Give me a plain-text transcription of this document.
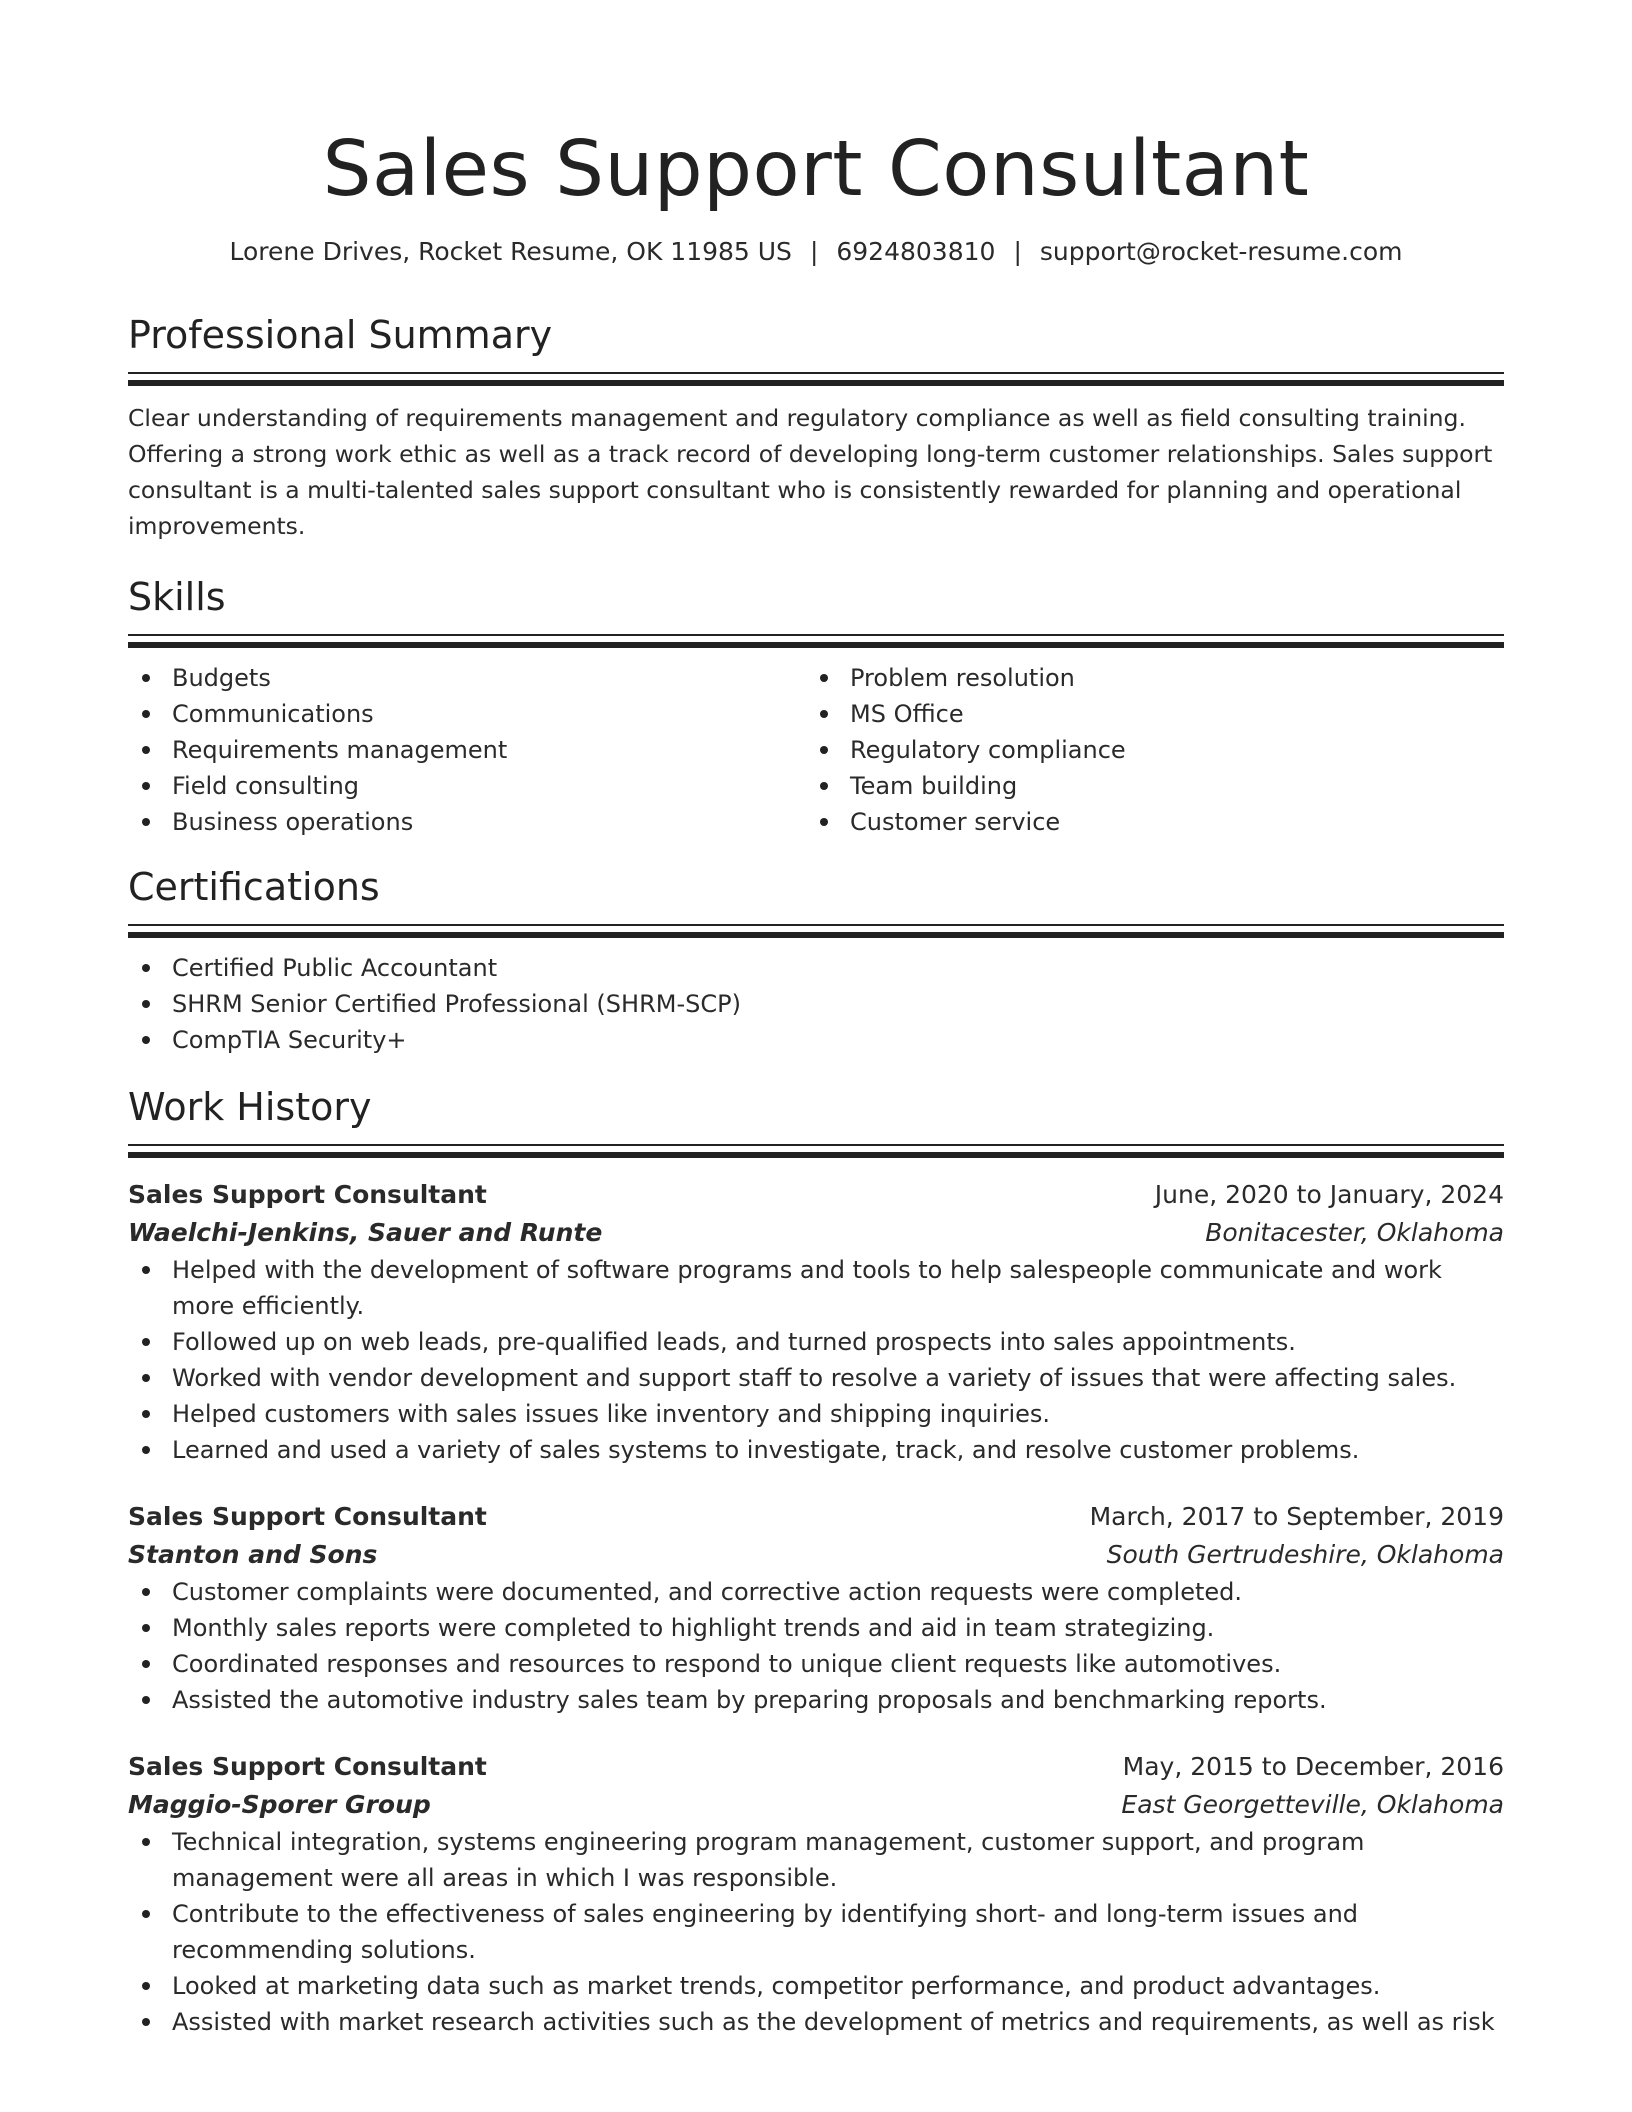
Sales Support Consultant
Lorene Drives, Rocket Resume, OK 11985 US | 6924803810 | support@rocket-resume.com
Professional Summary
Clear understanding of requirements management and regulatory compliance as well as field consulting training. Offering a strong work ethic as well as a track record of developing long-term customer relationships. Sales support consultant is a multi-talented sales support consultant who is consistently rewarded for planning and operational improvements.
Skills
Budgets
Communications
Requirements management
Field consulting
Business operations
Problem resolution
MS Office
Regulatory compliance
Team building
Customer service
Certifications
Certified Public Accountant
SHRM Senior Certified Professional (SHRM-SCP)
CompTIA Security+
Work History
Sales Support Consultant	June, 2020 to January, 2024
Waelchi-Jenkins, Sauer and Runte	Bonitacester, Oklahoma
Helped with the development of software programs and tools to help salespeople communicate and work more efficiently.
Followed up on web leads, pre-qualified leads, and turned prospects into sales appointments.
Worked with vendor development and support staff to resolve a variety of issues that were affecting sales.
Helped customers with sales issues like inventory and shipping inquiries.
Learned and used a variety of sales systems to investigate, track, and resolve customer problems.
Sales Support Consultant	March, 2017 to September, 2019
Stanton and Sons	South Gertrudeshire, Oklahoma
Customer complaints were documented, and corrective action requests were completed.
Monthly sales reports were completed to highlight trends and aid in team strategizing.
Coordinated responses and resources to respond to unique client requests like automotives.
Assisted the automotive industry sales team by preparing proposals and benchmarking reports.
Sales Support Consultant	May, 2015 to December, 2016
Maggio-Sporer Group	East Georgetteville, Oklahoma
Technical integration, systems engineering program management, customer support, and program management were all areas in which I was responsible.
Contribute to the effectiveness of sales engineering by identifying short- and long-term issues and recommending solutions.
Looked at marketing data such as market trends, competitor performance, and product advantages.
Assisted with market research activities such as the development of metrics and requirements, as well as risk
